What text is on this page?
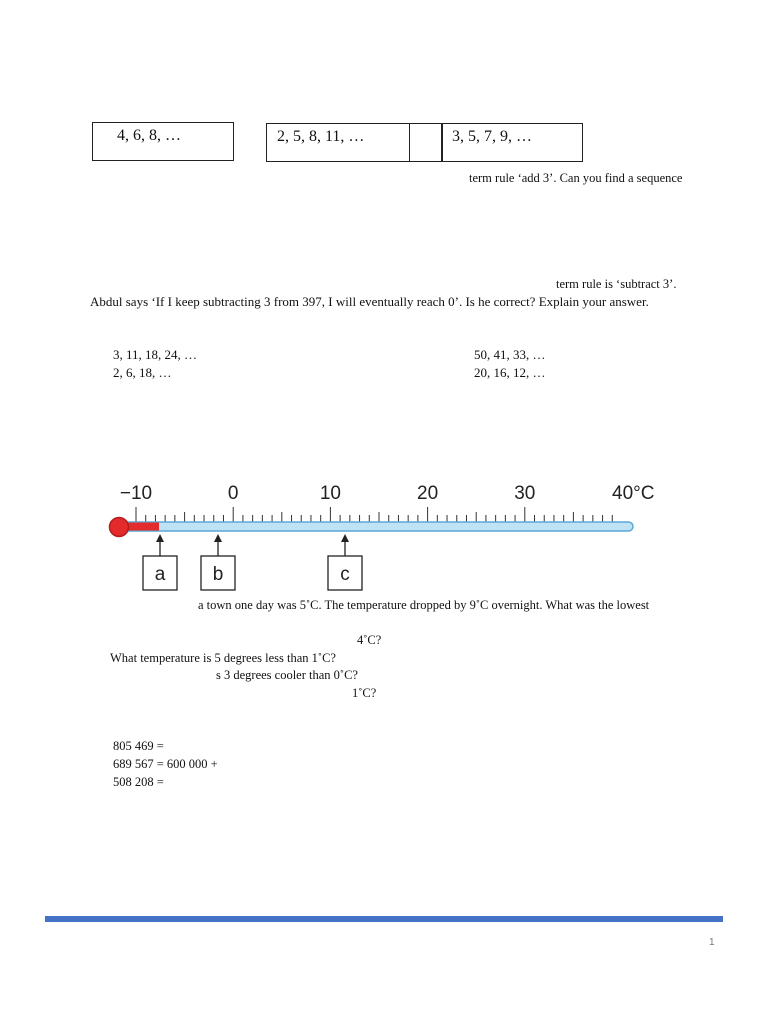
4, 6, 8, …	2, 5, 8, 11, …	3, 5, 7, 9, …
term rule ‘add 3’. Can you find a sequence
term rule is ‘subtract 3’.
Abdul says ‘If I keep subtracting 3 from 397, I will eventually reach 0’. Is he correct? Explain your answer.
3, 11, 18, 24, …
2, 6, 18, …
50, 41, 33, …
20, 16, 12, …
−10	0	10	20	30	40°C
a b	c
a town one day was 5˚C. The temperature dropped by 9˚C overnight. What was the lowest
4˚C?
What temperature is 5 degrees less than 1˚C?
s 3 degrees cooler than 0˚C?
1˚C?
805 469 =
689 567 = 600 000 +
508 208 =
1
